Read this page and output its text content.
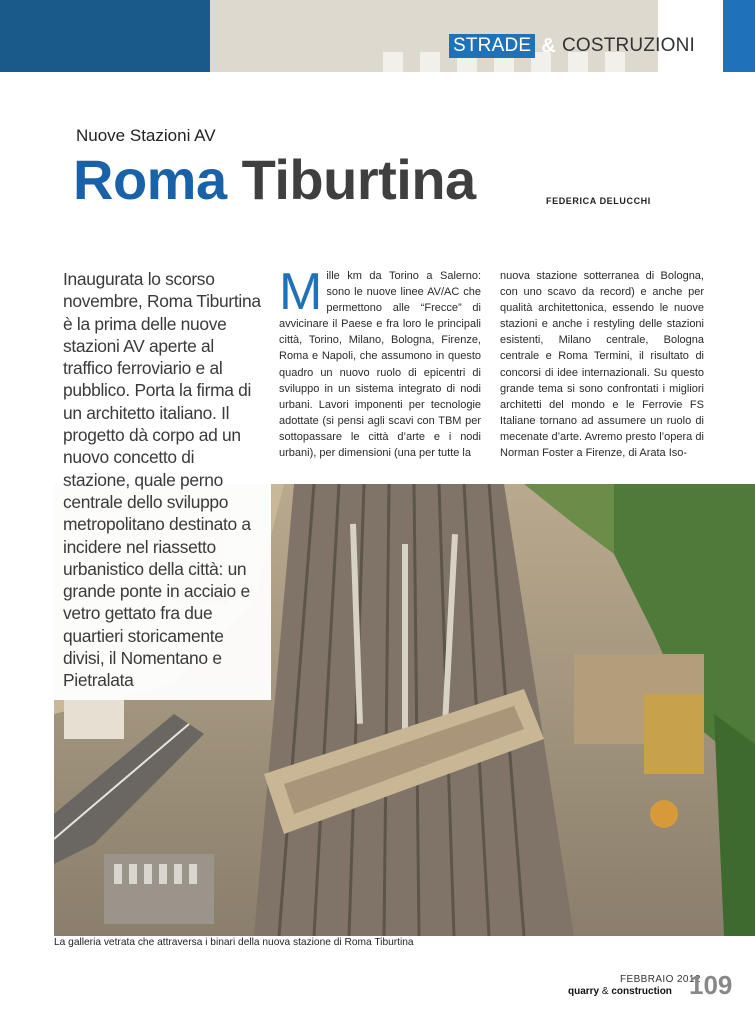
STRADE & COSTRUZIONI
Nuove Stazioni AV
Roma Tiburtina	FEDERICA DELUCCHI

Inaugurata lo scorso novembre, Roma Tiburtina è la prima delle nuove stazioni AV aperte al traffico ferroviario e al pubblico. Porta la firma di un architetto italiano. Il progetto dà corpo ad un nuovo concetto di stazione, quale perno centrale dello sviluppo metropolitano destinato a incidere nel riassetto urbanistico della città: un grande ponte in acciaio e vetro gettato fra due quartieri storicamente divisi, il Nomentano e Pietralata

M ille km da Torino a Salerno: sono le nuove linee AV/AC che permettono alle “Frecce” di avvicinare il Paese e fra loro le principali città, Torino, Milano, Bologna, Firenze, Roma e Napoli, che assumono in questo quadro un nuovo ruolo di epicentri di sviluppo in un sistema integrato di nodi urbani. Lavori imponenti per tecnologie adottate (si pensi agli scavi con TBM per sottopassare le città d’arte e i nodi urbani), per dimensioni (una per tutte la

nuova stazione sotterranea di Bologna, con uno scavo da record) e anche per qualità architettonica, essendo le nuove stazioni e anche i restyling delle stazioni esistenti, Milano centrale, Bologna centrale e Roma Termini, il risultato di concorsi di idee internazionali. Su questo grande tema si sono confrontati i migliori architetti del mondo e le Ferrovie FS Italiane tornano ad assumere un ruolo di mecenate d’arte. Avremo presto l’opera di Norman Foster a Firenze, di Arata Iso-

La galleria vetrata che attraversa i binari della nuova stazione di Roma Tiburtina
FEBBRAIO 2012
quarry & construction 109
